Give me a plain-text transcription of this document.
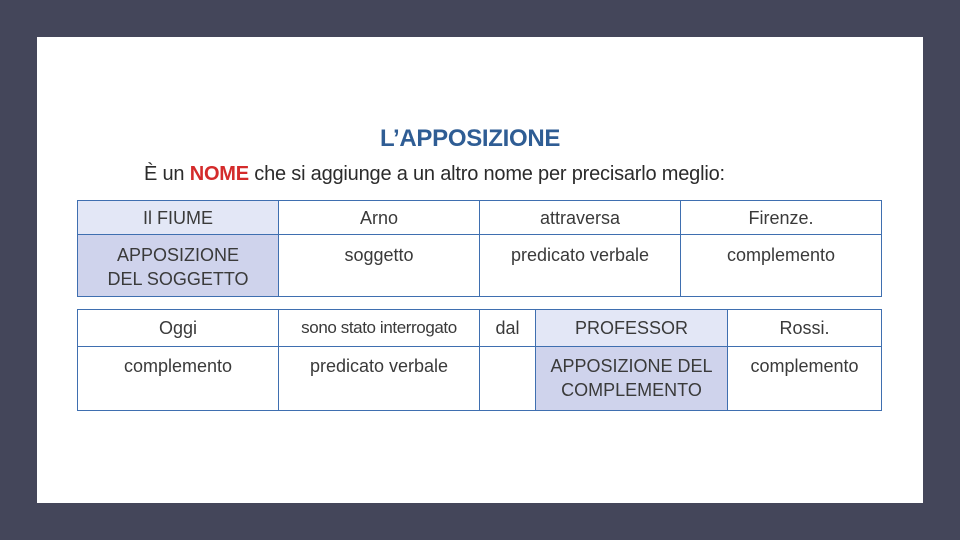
L’APPOSIZIONE
È un NOME che si aggiunge a un altro nome per precisarlo meglio:
Il FIUME	Arno	attraversa	Firenze.

APPOSIZIONE
DEL SOGGETTO	soggetto	predicato verbale	complemento
Oggi	sono stato interrogato	dal	PROFESSOR	Rossi.
complemento	predicato verbale		APPOSIZIONE DEL
COMPLEMENTO	complemento
